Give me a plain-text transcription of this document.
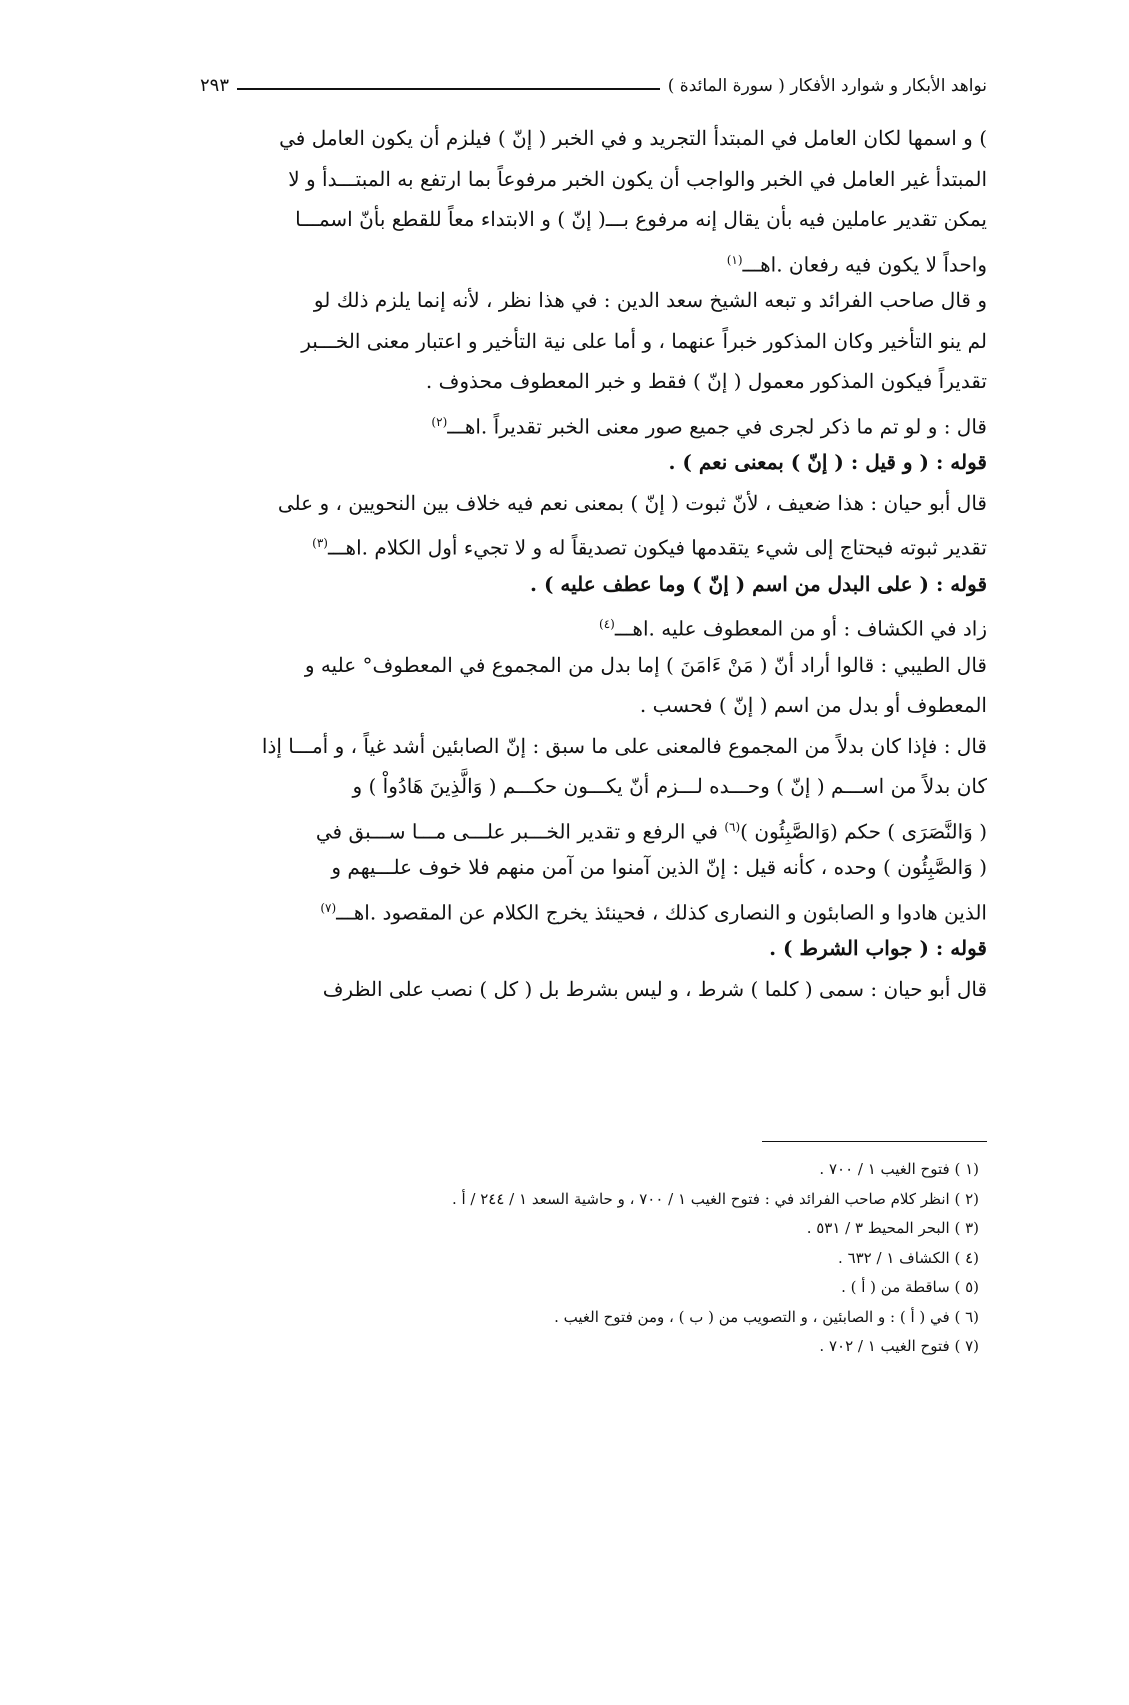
نواهد الأبكار و شوارد الأفكار ( سورة المائدة )
٢٩٣
) و اسمها لكان العامل في المبتدأ التجريد و في الخبر ( إنّ ) فيلزم أن يكون العامل في
المبتدأ غير العامل في الخبر والواجب أن يكون الخبر مرفوعاً بما ارتفع به المبتـــدأ و لا
يمكن تقدير عاملين فيه بأن يقال إنه مرفوع بـــ( إنّ ) و الابتداء معاً للقطع بأنّ اسمـــا
واحداً لا يكون فيه رفعان .اهـــ$^{(١)}$
و قال صاحب الفرائد و تبعه الشيخ سعد الدين : في هذا نظر ، لأنه إنما يلزم ذلك لو
لم ينو التأخير وكان المذكور خبراً عنهما ، و أما على نية التأخير و اعتبار معنى الخـــبر
تقديراً فيكون المذكور معمول ( إنّ ) فقط و خبر المعطوف محذوف .
قال : و لو تم ما ذكر لجرى في جميع صور معنى الخبر تقديراً .اهـــ$^{(٢)}$
قوله : ( و قيل : ( إنّ ) بمعنى نعم ) .
قال أبو حيان : هذا ضعيف ، لأنّ ثبوت ( إنّ ) بمعنى نعم فيه خلاف بين النحويين ، و على
تقدير ثبوته فيحتاج إلى شيء يتقدمها فيكون تصديقاً له و لا تجيء أول الكلام .اهـــ$^{(٣)}$
قوله : ( على البدل من اسم ( إنّ ) وما عطف عليه ) .
زاد في الكشاف : أو من المعطوف عليه .اهـــ$^{(٤)}$
قال الطيبي : قالوا أراد أنّ ( مَنْ ءَامَنَ ) إما بدل من المجموع في المعطوف° عليه و
المعطوف أو بدل من اسم ( إنّ ) فحسب .
قال : فإذا كان بدلاً من المجموع فالمعنى على ما سبق : إنّ الصابئين أشد غياً ، و أمـــا إذا
كان بدلاً من اســـم ( إنّ ) وحـــده لـــزم أنّ يكـــون حكـــم ( وَالَّذِينَ هَادُواْ ) و
( وَالنَّصَرَى ) حكم (وَالصَّبِئُون )$^{(٦)}$ في الرفع و تقدير الخـــبر علـــى مـــا ســـبق في
( وَالصَّبِئُون ) وحده ، كأنه قيل : إنّ الذين آمنوا من آمن منهم فلا خوف علـــيهم و
الذين هادوا و الصابئون و النصارى كذلك ، فحينئذ يخرج الكلام عن المقصود .اهـــ$^{(٧)}$
قوله : ( جواب الشرط ) .
قال أبو حيان : سمى ( كلما ) شرط ، و ليس بشرط بل ( كل ) نصب على الظرف
(١ ) فتوح الغيب ١ / ٧٠٠ .
(٢ ) انظر كلام صاحب الفرائد في : فتوح الغيب ١ / ٧٠٠ ، و حاشية السعد ١ / ٢٤٤ / أ .
(٣ ) البحر المحيط ٣ / ٥٣١ .
(٤ ) الكشاف ١ / ٦٣٢ .
(٥ ) ساقطة من ( أ ) .
(٦ ) في ( أ ) : و الصابئين ، و التصويب من ( ب ) ، ومن فتوح الغيب .
(٧ ) فتوح الغيب ١ / ٧٠٢ .
